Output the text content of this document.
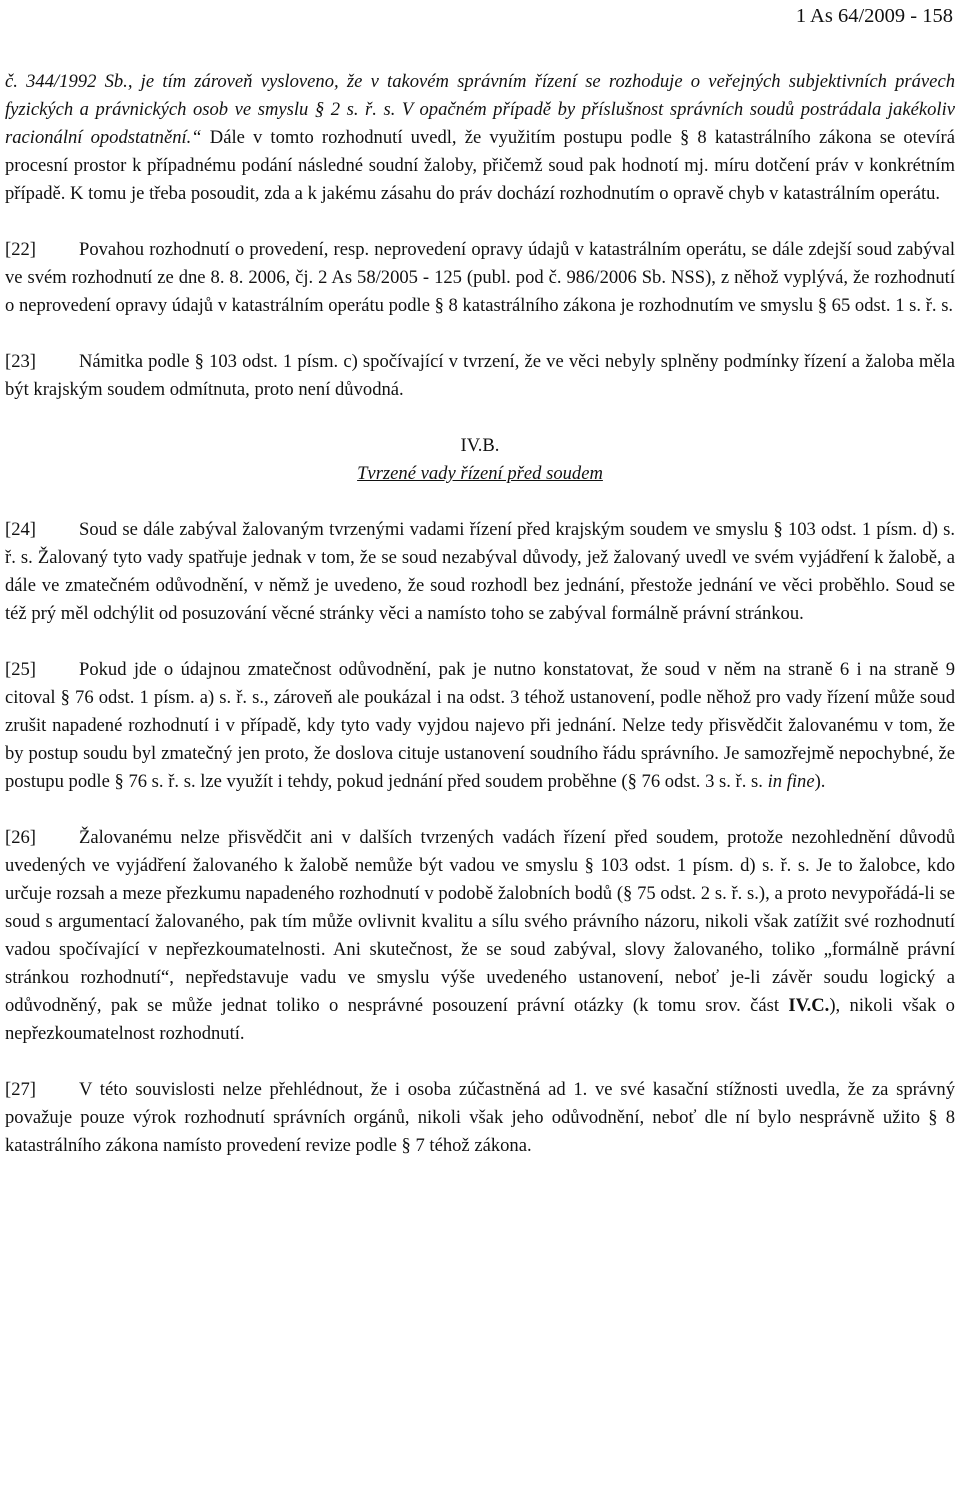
1 As 64/2009 - 158

č. 344/1992 Sb., je tím zároveň vysloveno, že v takovém správním řízení se rozhoduje o veřejných subjektivních právech fyzických a právnických osob ve smyslu § 2 s. ř. s. V opačném případě by příslušnost správních soudů postrádala jakékoliv racionální opodstatnění.“ Dále v tomto rozhodnutí uvedl, že využitím postupu podle § 8 katastrálního zákona se otevírá procesní prostor k případnému podání následné soudní žaloby, přičemž soud pak hodnotí mj. míru dotčení práv v konkrétním případě. K tomu je třeba posoudit, zda a k jakému zásahu do práv dochází rozhodnutím o opravě chyb v katastrálním operátu.

[22] Povahou rozhodnutí o provedení, resp. neprovedení opravy údajů v katastrálním operátu, se dále zdejší soud zabýval ve svém rozhodnutí ze dne 8. 8. 2006, čj. 2 As 58/2005 - 125 (publ. pod č. 986/2006 Sb. NSS), z něhož vyplývá, že rozhodnutí o neprovedení opravy údajů v katastrálním operátu podle § 8 katastrálního zákona je rozhodnutím ve smyslu § 65 odst. 1 s. ř. s.

[23] Námitka podle § 103 odst. 1 písm. c) spočívající v tvrzení, že ve věci nebyly splněny podmínky řízení a žaloba měla být krajským soudem odmítnuta, proto není důvodná.

IV.B.

Tvrzené vady řízení před soudem

[24] Soud se dále zabýval žalovaným tvrzenými vadami řízení před krajským soudem ve smyslu § 103 odst. 1 písm. d) s. ř. s. Žalovaný tyto vady spatřuje jednak v tom, že se soud nezabýval důvody, jež žalovaný uvedl ve svém vyjádření k žalobě, a dále ve zmatečném odůvodnění, v němž je uvedeno, že soud rozhodl bez jednání, přestože jednání ve věci proběhlo. Soud se též prý měl odchýlit od posuzování věcné stránky věci a namísto toho se zabýval formálně právní stránkou.

[25] Pokud jde o údajnou zmatečnost odůvodnění, pak je nutno konstatovat, že soud v něm na straně 6 i na straně 9 citoval § 76 odst. 1 písm. a) s. ř. s., zároveň ale poukázal i na odst. 3 téhož ustanovení, podle něhož pro vady řízení může soud zrušit napadené rozhodnutí i v případě, kdy tyto vady vyjdou najevo při jednání. Nelze tedy přisvědčit žalovanému v tom, že by postup soudu byl zmatečný jen proto, že doslova cituje ustanovení soudního řádu správního. Je samozřejmě nepochybné, že postupu podle § 76 s. ř. s. lze využít i tehdy, pokud jednání před soudem proběhne (§ 76 odst. 3 s. ř. s. in fine).

[26] Žalovanému nelze přisvědčit ani v dalších tvrzených vadách řízení před soudem, protože nezohlednění důvodů uvedených ve vyjádření žalovaného k žalobě nemůže být vadou ve smyslu § 103 odst. 1 písm. d) s. ř. s. Je to žalobce, kdo určuje rozsah a meze přezkumu napadeného rozhodnutí v podobě žalobních bodů (§ 75 odst. 2 s. ř. s.), a proto nevypořádá-li se soud s argumentací žalovaného, pak tím může ovlivnit kvalitu a sílu svého právního názoru, nikoli však zatížit své rozhodnutí vadou spočívající v nepřezkoumatelnosti. Ani skutečnost, že se soud zabýval, slovy žalovaného, toliko „formálně právní stránkou rozhodnutí“, nepředstavuje vadu ve smyslu výše uvedeného ustanovení, neboť je-li závěr soudu logický a odůvodněný, pak se může jednat toliko o nesprávné posouzení právní otázky (k tomu srov. část IV.C.), nikoli však o nepřezkoumatelnost rozhodnutí.

[27] V této souvislosti nelze přehlédnout, že i osoba zúčastněná ad 1. ve své kasační stížnosti uvedla, že za správný považuje pouze výrok rozhodnutí správních orgánů, nikoli však jeho odůvodnění, neboť dle ní bylo nesprávně užito § 8 katastrálního zákona namísto provedení revize podle § 7 téhož zákona.
